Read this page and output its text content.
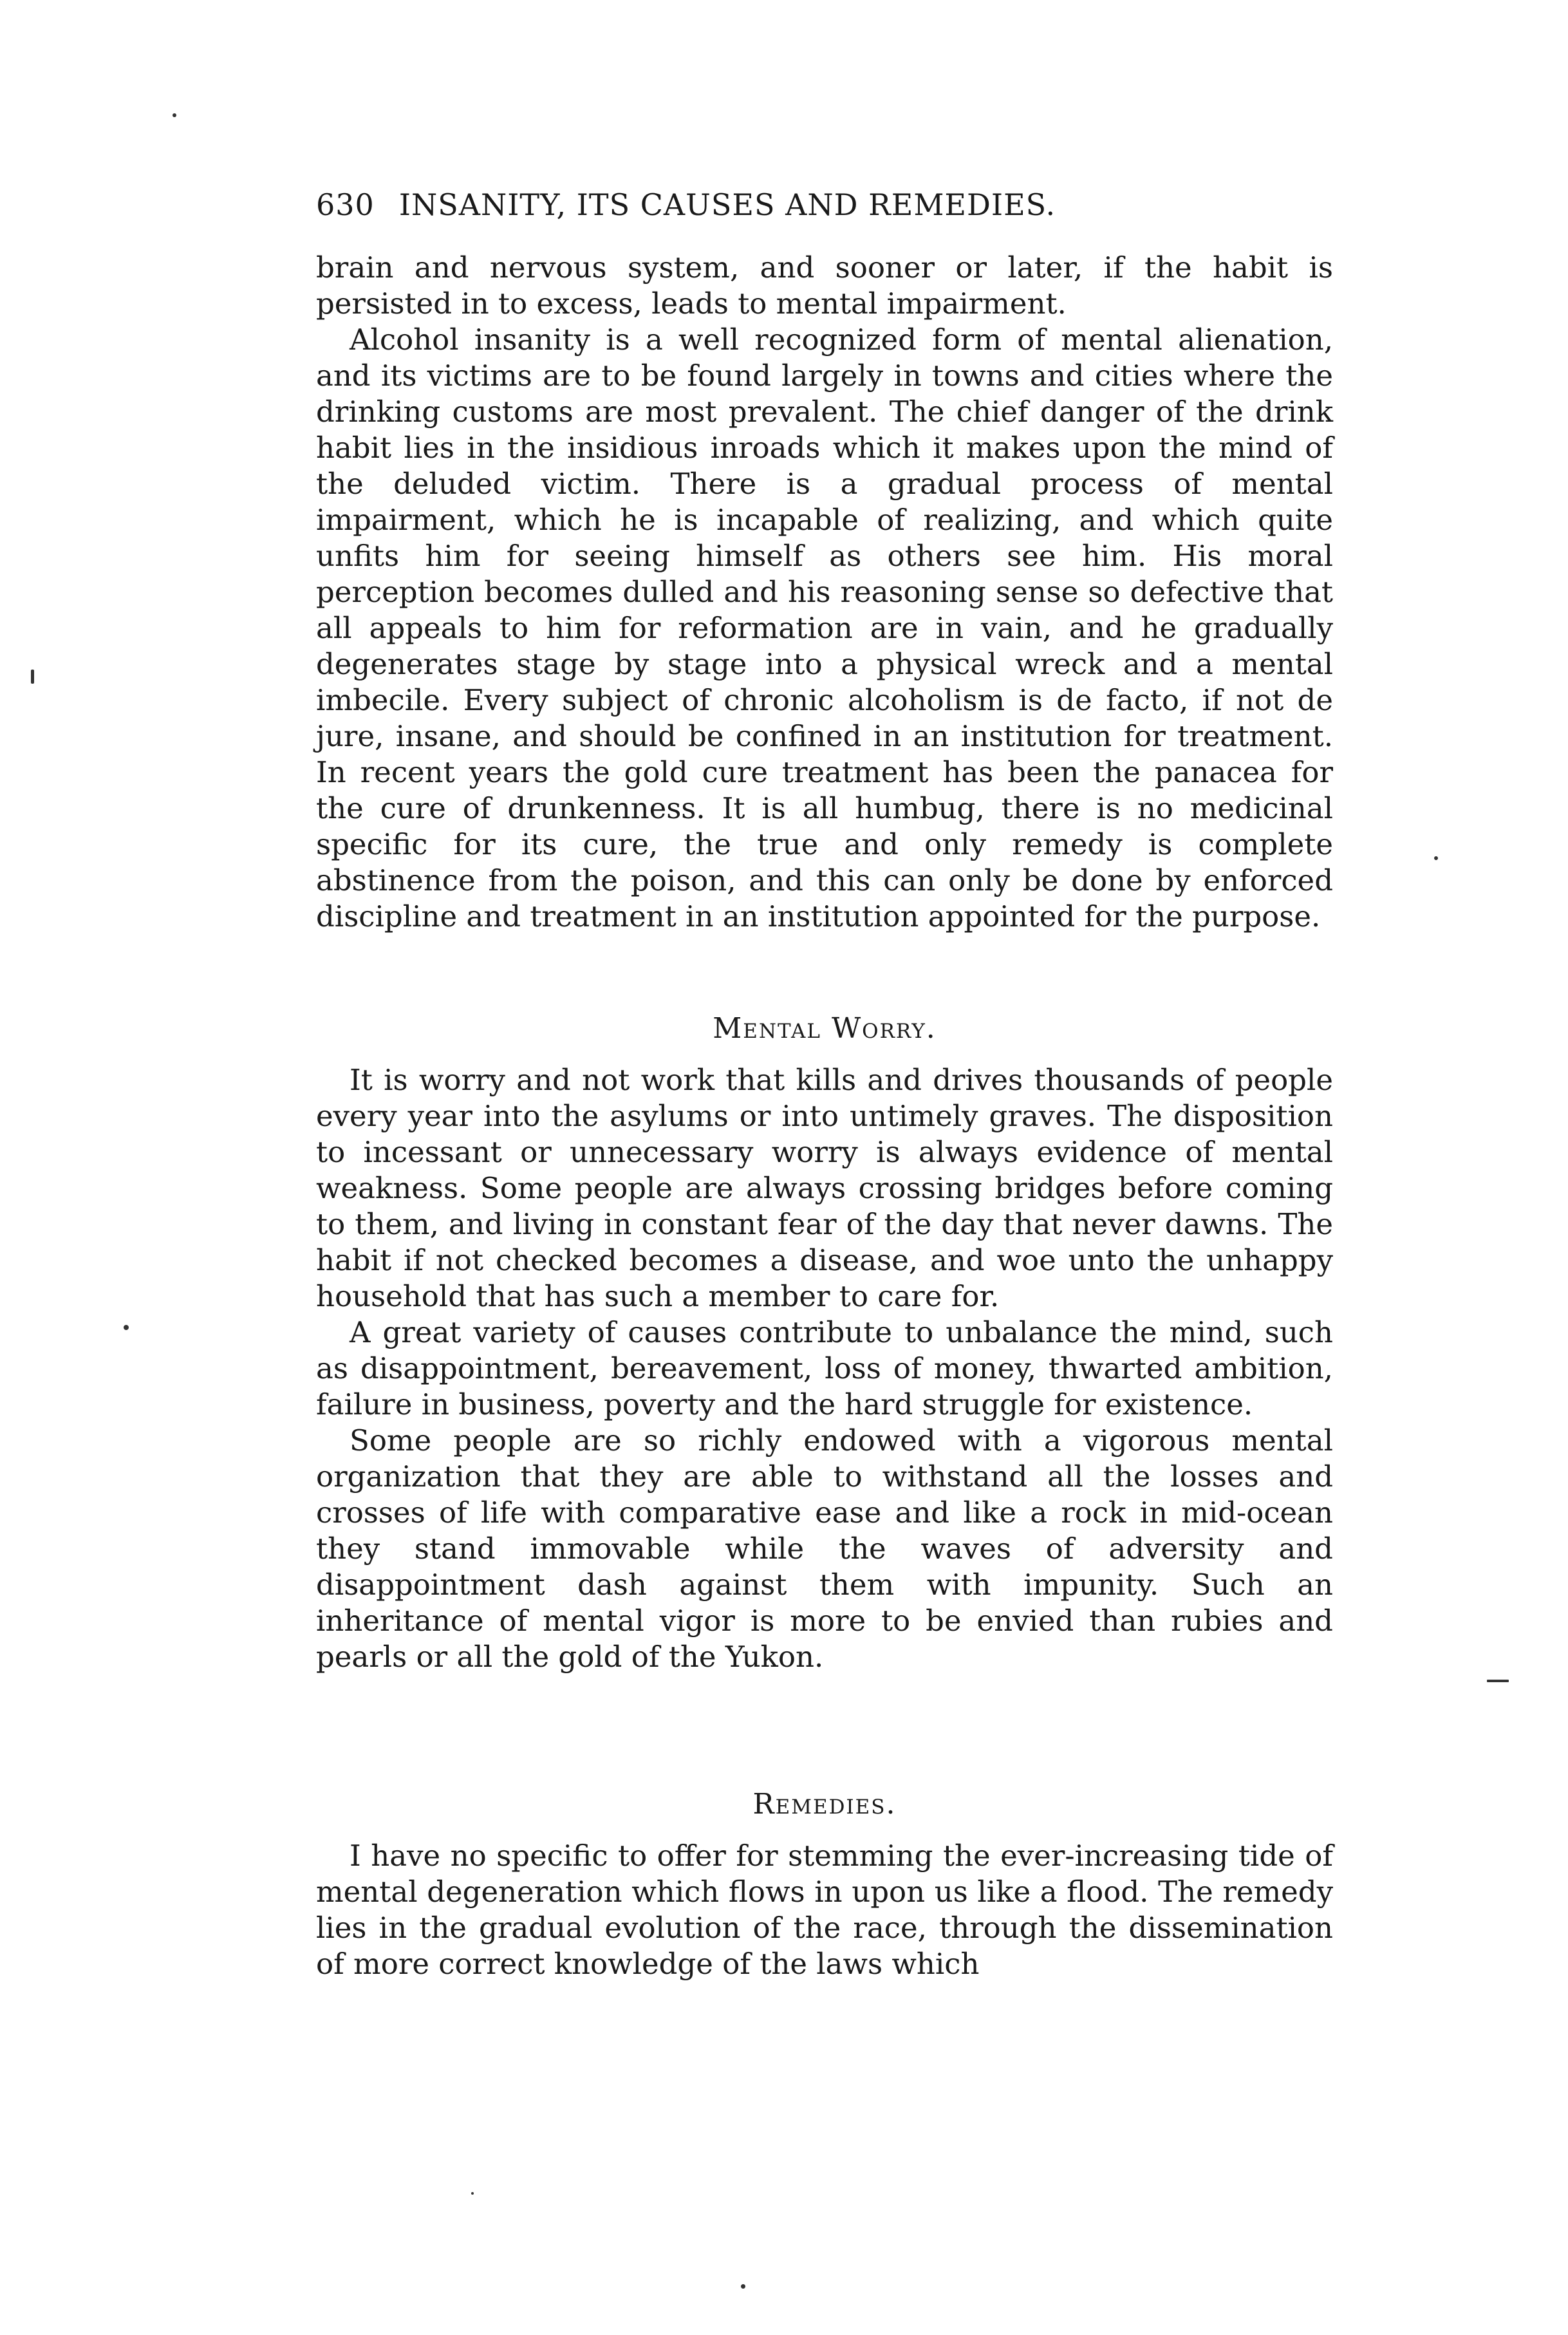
630 INSANITY, ITS CAUSES AND REMEDIES.

brain and nervous system, and sooner or later, if the habit is persisted in to excess, leads to mental impairment.

Alcohol insanity is a well recognized form of mental alienation, and its victims are to be found largely in towns and cities where the drinking customs are most prevalent. The chief danger of the drink habit lies in the insidious inroads which it makes upon the mind of the deluded victim. There is a gradual process of mental impairment, which he is incapable of realizing, and which quite unfits him for seeing himself as others see him. His moral perception becomes dulled and his reasoning sense so defective that all appeals to him for reformation are in vain, and he gradually degenerates stage by stage into a physical wreck and a mental imbecile. Every subject of chronic alcoholism is de facto, if not de jure, insane, and should be confined in an institution for treatment. In recent years the gold cure treatment has been the panacea for the cure of drunkenness. It is all humbug, there is no medicinal specific for its cure, the true and only remedy is complete abstinence from the poison, and this can only be done by enforced discipline and treatment in an institution appointed for the purpose.

Mental Worry.

It is worry and not work that kills and drives thousands of people every year into the asylums or into untimely graves. The disposition to incessant or unnecessary worry is always evidence of mental weakness. Some people are always crossing bridges before coming to them, and living in constant fear of the day that never dawns. The habit if not checked becomes a disease, and woe unto the unhappy household that has such a member to care for.

A great variety of causes contribute to unbalance the mind, such as disappointment, bereavement, loss of money, thwarted ambition, failure in business, poverty and the hard struggle for existence.

Some people are so richly endowed with a vigorous mental organization that they are able to withstand all the losses and crosses of life with comparative ease and like a rock in mid-ocean they stand immovable while the waves of adversity and disappointment dash against them with impunity. Such an inheritance of mental vigor is more to be envied than rubies and pearls or all the gold of the Yukon.

Remedies.

I have no specific to offer for stemming the ever-increasing tide of mental degeneration which flows in upon us like a flood. The remedy lies in the gradual evolution of the race, through the dissemination of more correct knowledge of the laws which
